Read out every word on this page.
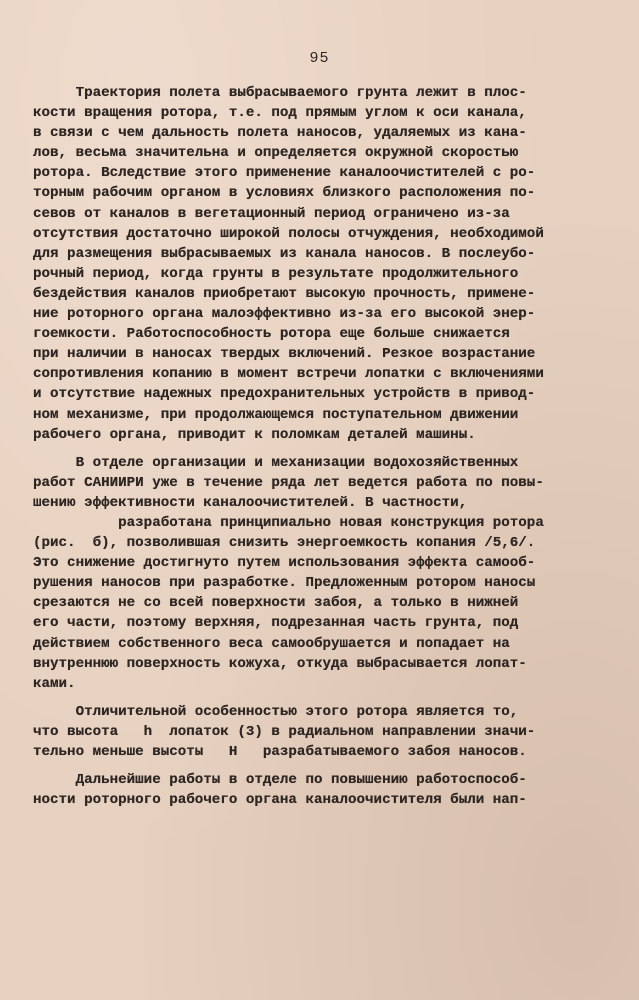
95
Траектория полета выбрасываемого грунта лежит в плос-
кости вращения ротора, т.е. под прямым углом к оси канала,
в связи с чем дальность полета наносов, удаляемых из кана-
лов, весьма значительна и определяется окружной скоростью
ротора. Вследствие этого применение каналоочистителей с ро-
торным рабочим органом в условиях близкого расположения по-
севов от каналов в вегетационный период ограничено из-за
отсутствия достаточно широкой полосы отчуждения, необходимой
для размещения выбрасываемых из канала наносов. В послеубо-
рочный период, когда грунты в результате продолжительного
бездействия каналов приобретают высокую прочность, примене-
ние роторного органа малоэффективно из-за его высокой энер-
гоемкости. Работоспособность ротора еще больше снижается
при наличии в наносах твердых включений. Резкое возрастание
сопротивления копанию в момент встречи лопатки с включениями
и отсутствие надежных предохранительных устройств в привод-
ном механизме, при продолжающемся поступательном движении
рабочего органа, приводит к поломкам деталей машины.
В отделе организации и механизации водохозяйственных
работ САНИИРИ уже в течение ряда лет ведется работа по повы-
шению эффективности каналоочистителей. В частности,
разработана принципиально новая конструкция ротора
(рис.  б), позволившая снизить энергоемкость копания /5,6/.
Это снижение достигнуто путем использования эффекта самооб-
рушения наносов при разработке. Предложенным ротором наносы
срезаются не со всей поверхности забоя, а только в нижней
его части, поэтому верхняя, подрезанная часть грунта, под
действием собственного веса самообрушается и попадает на
внутреннюю поверхность кожуха, откуда выбрасывается лопат-
ками.
Отличительной особенностью этого ротора является то,
что высота   h  лопаток (3) в радиальном направлении значи-
тельно меньше высоты   H   разрабатываемого забоя наносов.
Дальнейшие работы в отделе по повышению работоспособ-
ности роторного рабочего органа каналоочистителя были нап-
